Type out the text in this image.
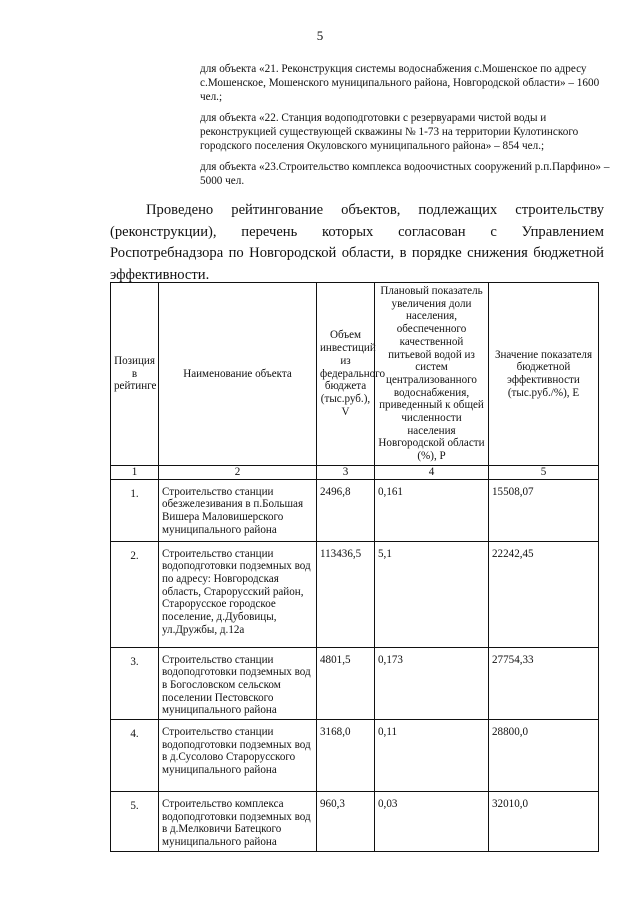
5

для объекта «21. Реконструкция системы водоснабжения с.Мошенское по адресу с.Мошенское, Мошенского муниципального района, Новгородской области» – 1600 чел.;

для объекта «22. Станция водоподготовки с резервуарами чистой воды и реконструкцией существующей скважины № 1-73 на территории Кулотинского городского поселения Окуловского муниципального района» – 854 чел.;

для объекта «23.Строительство комплекса водоочистных сооружений р.п.Парфино» – 5000 чел.

Проведено рейтингование объектов, подлежащих строительству (реконструкции), перечень которых согласован с Управлением Роспотребнадзора по Новгородской области, в порядке снижения бюджетной эффективности.

Позиция в рейтинге	Наименование объекта	Объем инвестиций из федерального бюджета (тыс.руб.), V	Плановый показатель увеличения доли населения, обеспеченного качественной питьевой водой из систем централизованного водоснабжения, приведенный к общей численности населения Новгородской области (%), P	Значение показателя бюджетной эффективности (тыс.руб./%), E
1	2	3	4	5
1.	Строительство станции обезжелезивания в п.Большая Вишера Маловишерского муниципального района	2496,8	0,161	15508,07
2.	Строительство станции водоподготовки подземных вод по адресу: Новгородская область, Старорусский район, Старорусское городское поселение, д.Дубовицы, ул.Дружбы, д.12а	113436,5	5,1	22242,45
3.	Строительство станции водоподготовки подземных вод в Богословском сельском поселении Пестовского муниципального района	4801,5	0,173	27754,33
4.	Строительство станции водоподготовки подземных вод в д.Сусолово Старорусского муниципального района	3168,0	0,11	28800,0
5.	Строительство комплекса водоподготовки подземных вод в д.Мелковичи Батецкого муниципального района	960,3	0,03	32010,0
